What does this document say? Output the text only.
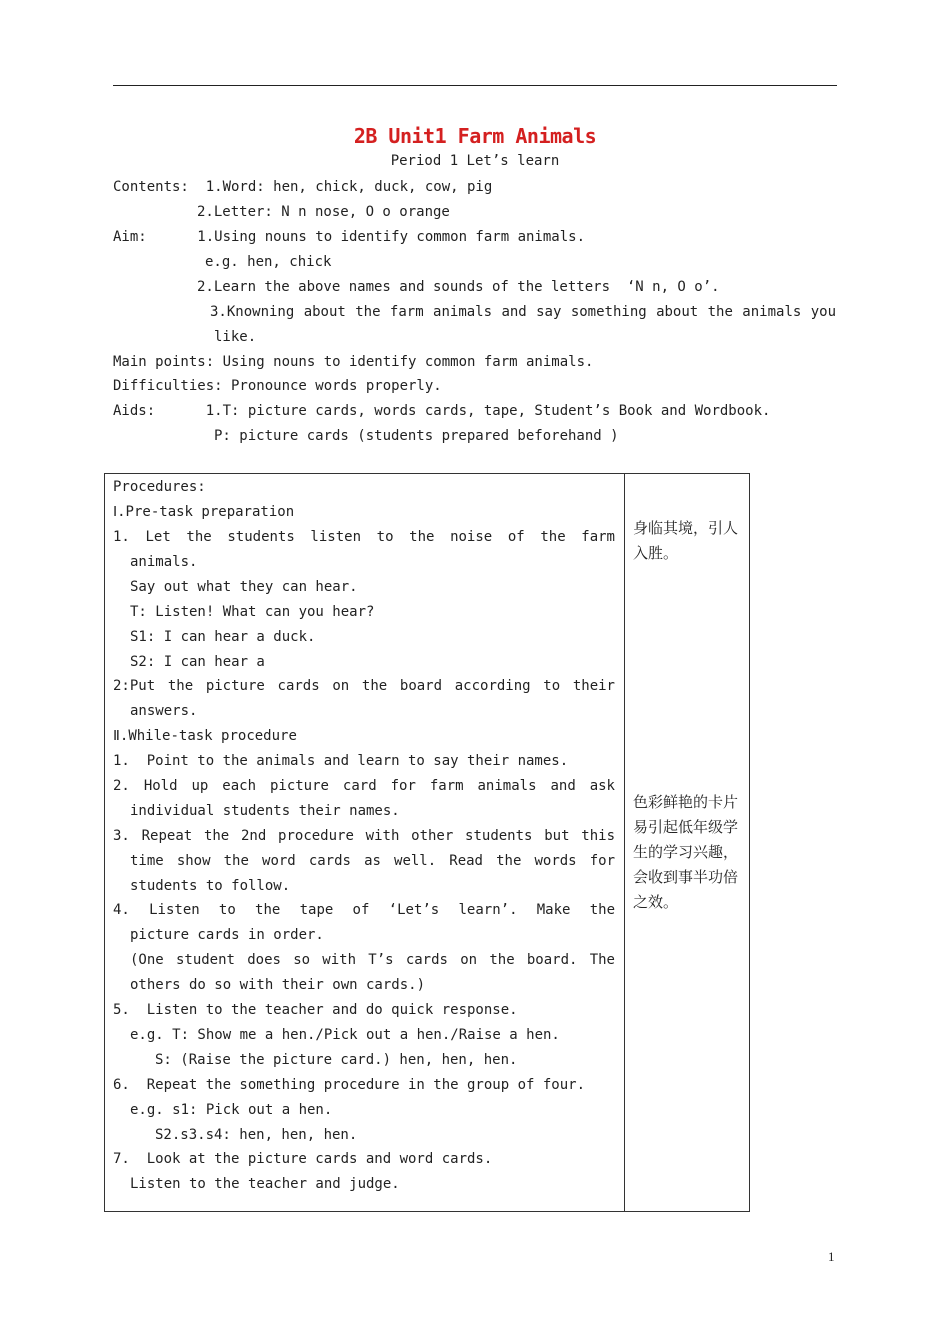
2B Unit1 Farm Animals
Period 1 Let’s learn
Contents:  1.Word: hen, chick, duck, cow, pig
2.Letter: N n nose, O o orange
Aim:      1.Using nouns to identify common farm animals.
e.g. hen, chick
2.Learn the above names and sounds of the letters  ‘N n, O o’.
3.Knowning about the farm animals and say something about the animals you
like.
Main points: Using nouns to identify common farm animals.
Difficulties: Pronounce words properly.
Aids:      1.T: picture cards, words cards, tape, Student’s Book and Wordbook.
P: picture cards (students prepared beforehand )
Procedures:
Ⅰ.Pre-task preparation
1. Let the students listen to the noise of the farm
animals.
Say out what they can hear.
T: Listen! What can you hear?
S1: I can hear a duck.
S2: I can hear a
2:Put the picture cards on the board according to their
answers.
Ⅱ.While-task procedure
1.  Point to the animals and learn to say their names.
2. Hold up each picture card for farm animals and ask
individual students their names.
3. Repeat the 2nd procedure with other students but this
time show the word cards as well. Read the words for
students to follow.
4. Listen to the tape of ‘Let’s learn’. Make the
picture cards in order.
(One student does so with T’s cards on the board. The
others do so with their own cards.)
5.  Listen to the teacher and do quick response.
e.g. T: Show me a hen./Pick out a hen./Raise a hen.
S: (Raise the picture card.) hen, hen, hen.
6.  Repeat the something procedure in the group of four.
e.g. s1: Pick out a hen.
S2.s3.s4: hen, hen, hen.
7.  Look at the picture cards and word cards.
Listen to the teacher and judge.
身临其境，引人入胜。
色彩鲜艳的卡片易引起低年级学生的学习兴趣，会收到事半功倍之效。
1
